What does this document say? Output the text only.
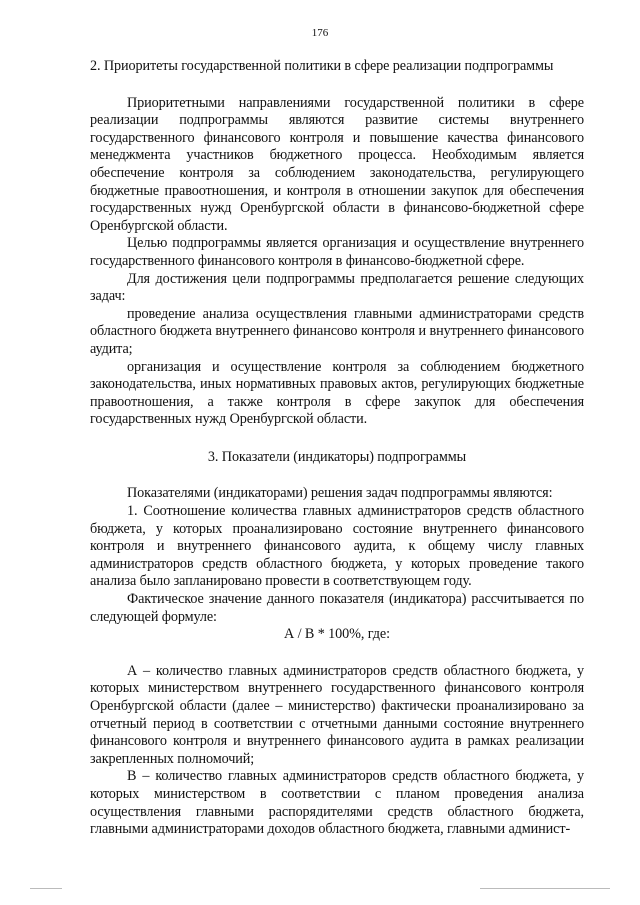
176

2. Приоритеты государственной политики в сфере реализации подпрограммы

Приоритетными направлениями государственной политики в сфере реализации подпрограммы являются развитие системы внутреннего государственного финансового контроля и повышение качества финансового менеджмента участников бюджетного процесса. Необходимым является обеспечение контроля за соблюдением законодательства, регулирующего бюджетные правоотношения, и контроля в отношении закупок для обеспечения государственных нужд Оренбургской области в финансово-бюджетной сфере Оренбургской области.

Целью подпрограммы является организация и осуществление внутреннего государственного финансового контроля в финансово-бюджетной сфере.

Для достижения цели подпрограммы предполагается решение следующих задач:

проведение анализа осуществления главными администраторами средств областного бюджета внутреннего финансово контроля и внутреннего финансового аудита;

организация и осуществление контроля за соблюдением бюджетного законодательства, иных нормативных правовых актов, регулирующих бюджетные правоотношения, а также контроля в сфере закупок для обеспечения государственных нужд Оренбургской области.

3. Показатели (индикаторы) подпрограммы

Показателями (индикаторами) решения задач подпрограммы являются:

1. Соотношение количества главных администраторов средств областного бюджета, у которых проанализировано состояние внутреннего финансового контроля и внутреннего финансового аудита, к общему числу главных администраторов средств областного бюджета, у которых проведение такого анализа было запланировано провести в соответствующем году.

Фактическое значение данного показателя (индикатора) рассчитывается по следующей формуле:

А / В * 100%, где:

А – количество главных администраторов средств областного бюджета, у которых министерством внутреннего государственного финансового контроля Оренбургской области (далее – министерство) фактически проанализировано за отчетный период в соответствии с отчетными данными состояние внутреннего финансового контроля и внутреннего финансового аудита в рамках реализации закрепленных полномочий;

В – количество главных администраторов средств областного бюджета, у которых министерством в соответствии с планом проведения анализа осуществления главными распорядителями средств областного бюджета, главными администраторами доходов областного бюджета, главными админист-
